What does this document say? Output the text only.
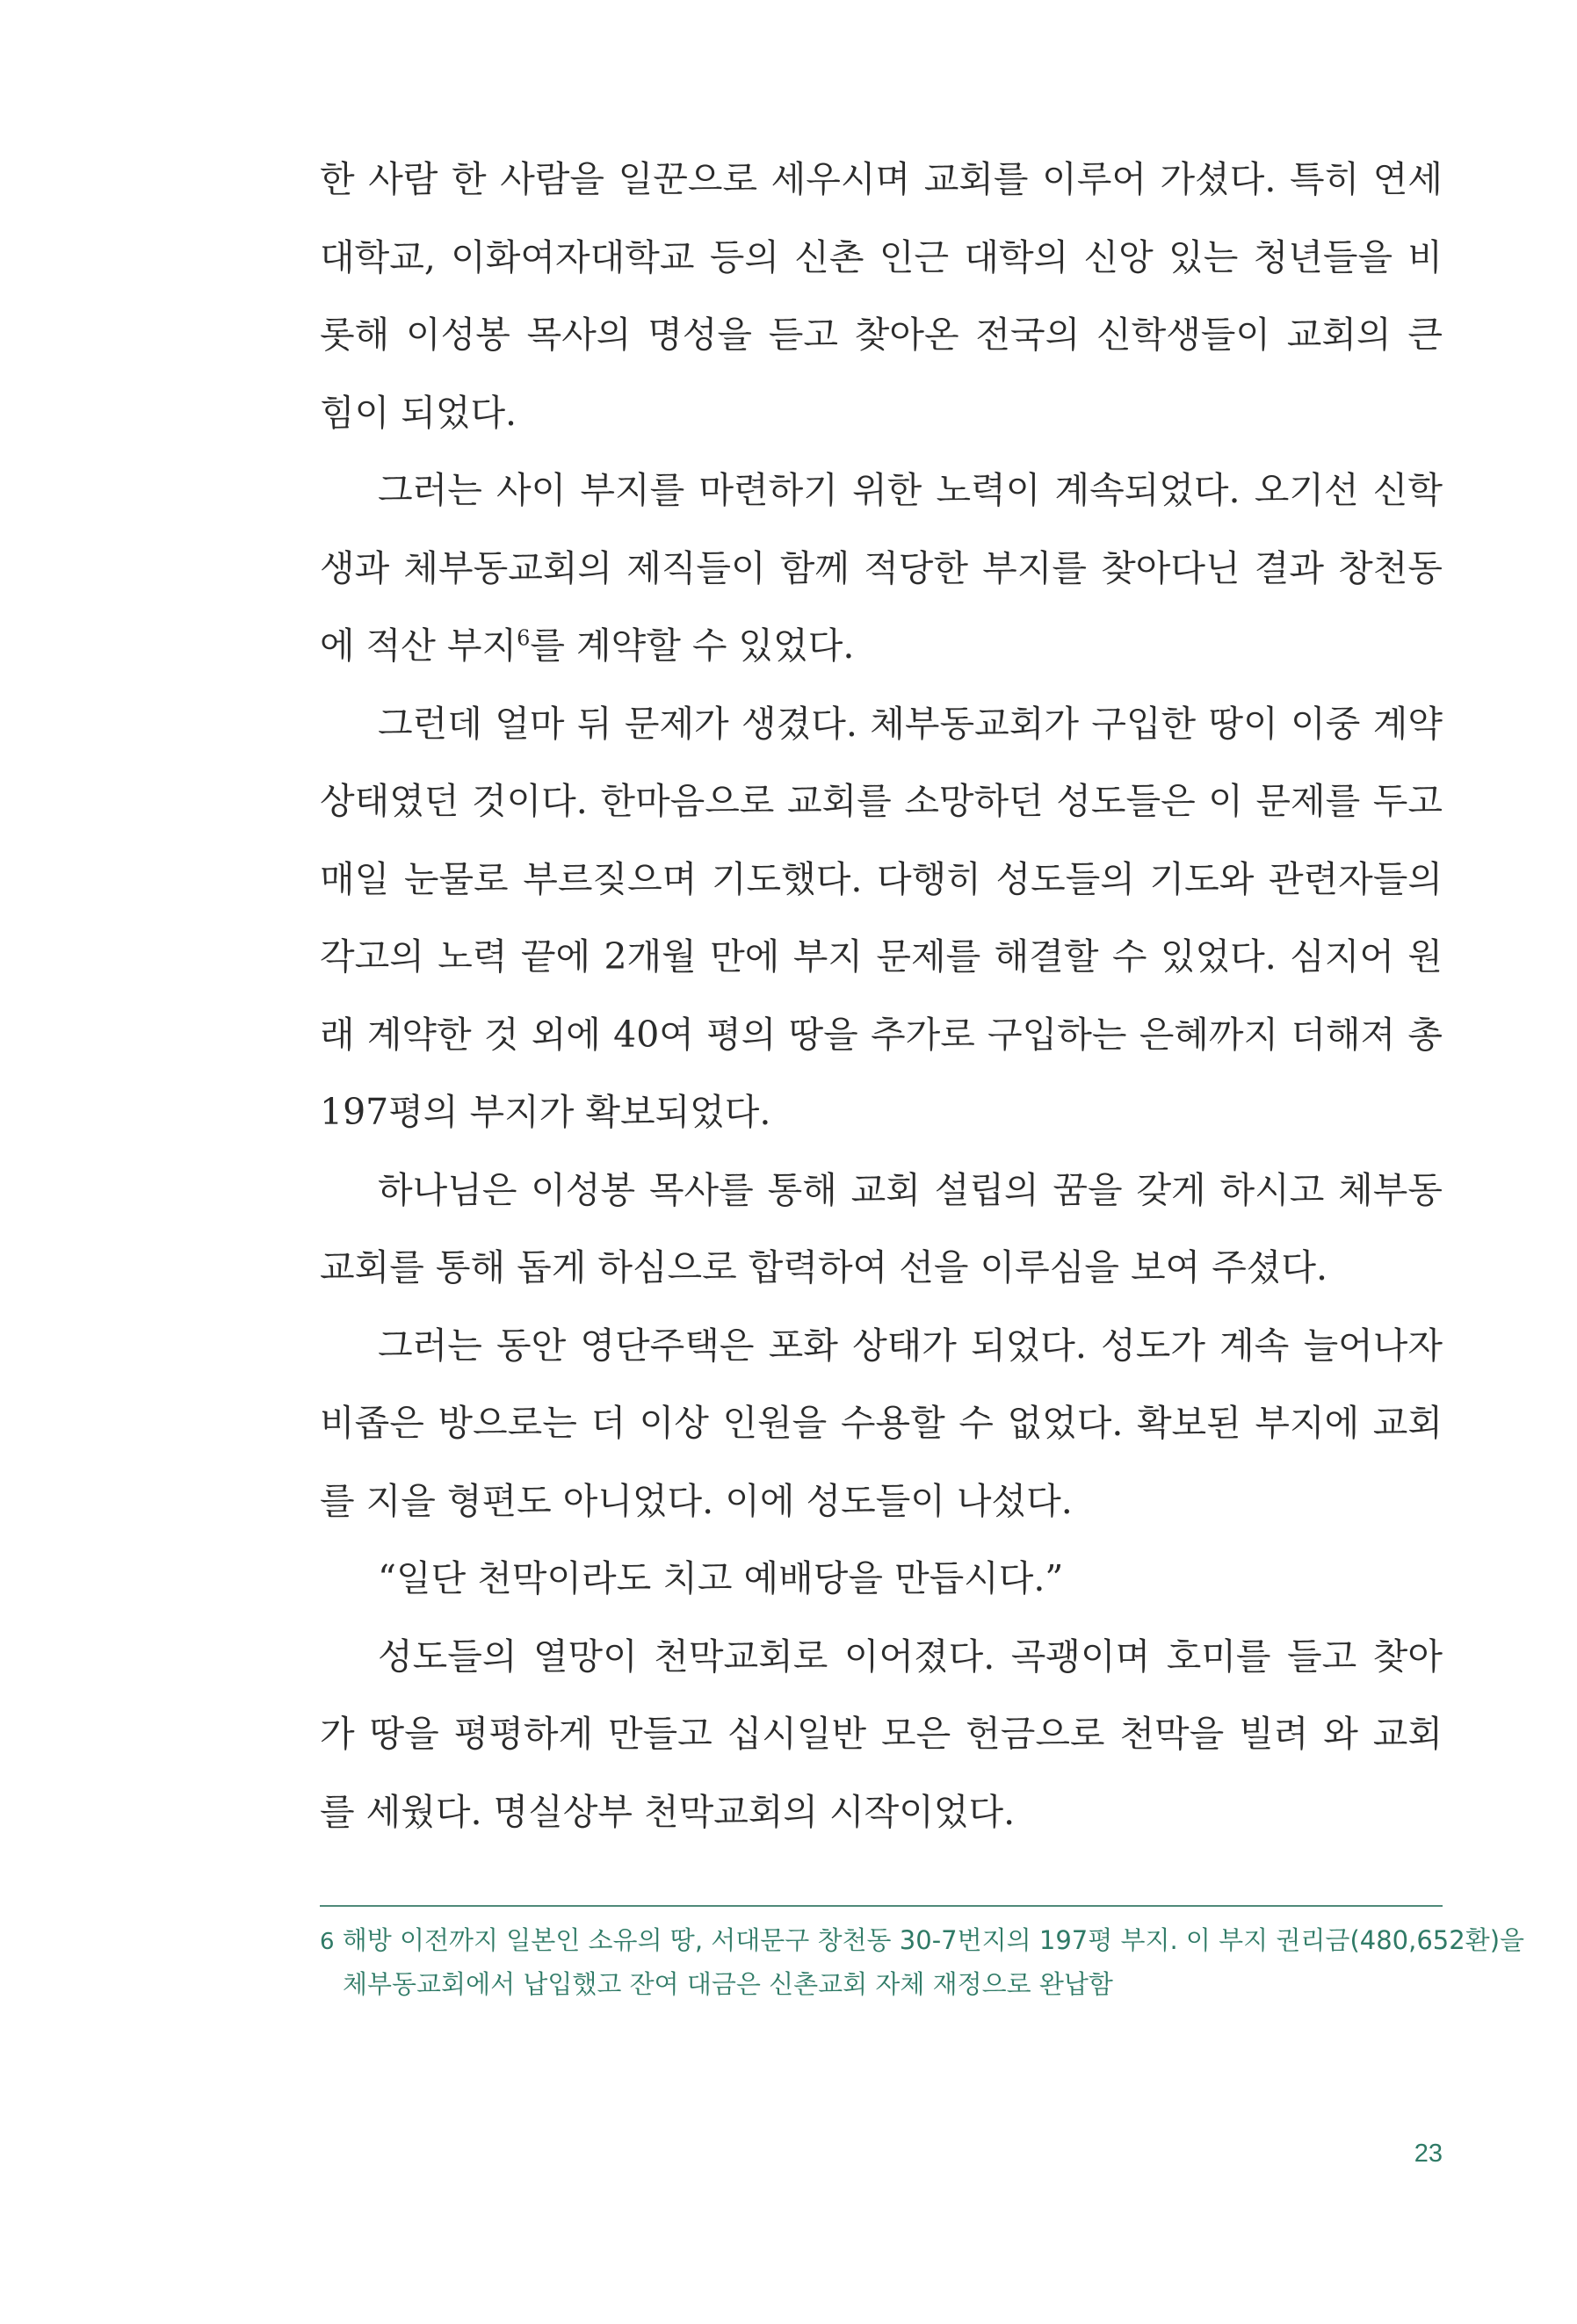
한 사람 한 사람을 일꾼으로 세우시며 교회를 이루어 가셨다. 특히 연세대학교, 이화여자대학교 등의 신촌 인근 대학의 신앙 있는 청년들을 비롯해 이성봉 목사의 명성을 듣고 찾아온 전국의 신학생들이 교회의 큰 힘이 되었다.

그러는 사이 부지를 마련하기 위한 노력이 계속되었다. 오기선 신학생과 체부동교회의 제직들이 함께 적당한 부지를 찾아다닌 결과 창천동에 적산 부지$^6$를 계약할 수 있었다.

그런데 얼마 뒤 문제가 생겼다. 체부동교회가 구입한 땅이 이중 계약 상태였던 것이다. 한마음으로 교회를 소망하던 성도들은 이 문제를 두고 매일 눈물로 부르짖으며 기도했다. 다행히 성도들의 기도와 관련자들의 각고의 노력 끝에 2개월 만에 부지 문제를 해결할 수 있었다. 심지어 원래 계약한 것 외에 40여 평의 땅을 추가로 구입하는 은혜까지 더해져 총 197평의 부지가 확보되었다.

하나님은 이성봉 목사를 통해 교회 설립의 꿈을 갖게 하시고 체부동교회를 통해 돕게 하심으로 합력하여 선을 이루심을 보여 주셨다.

그러는 동안 영단주택은 포화 상태가 되었다. 성도가 계속 늘어나자 비좁은 방으로는 더 이상 인원을 수용할 수 없었다. 확보된 부지에 교회를 지을 형편도 아니었다. 이에 성도들이 나섰다.

“일단 천막이라도 치고 예배당을 만듭시다.”

성도들의 열망이 천막교회로 이어졌다. 곡괭이며 호미를 들고 찾아가 땅을 평평하게 만들고 십시일반 모은 헌금으로 천막을 빌려 와 교회를 세웠다. 명실상부 천막교회의 시작이었다.

6 해방 이전까지 일본인 소유의 땅, 서대문구 창천동 30-7번지의 197평 부지. 이 부지 권리금(480,652환)을
체부동교회에서 납입했고 잔여 대금은 신촌교회 자체 재정으로 완납함
23
